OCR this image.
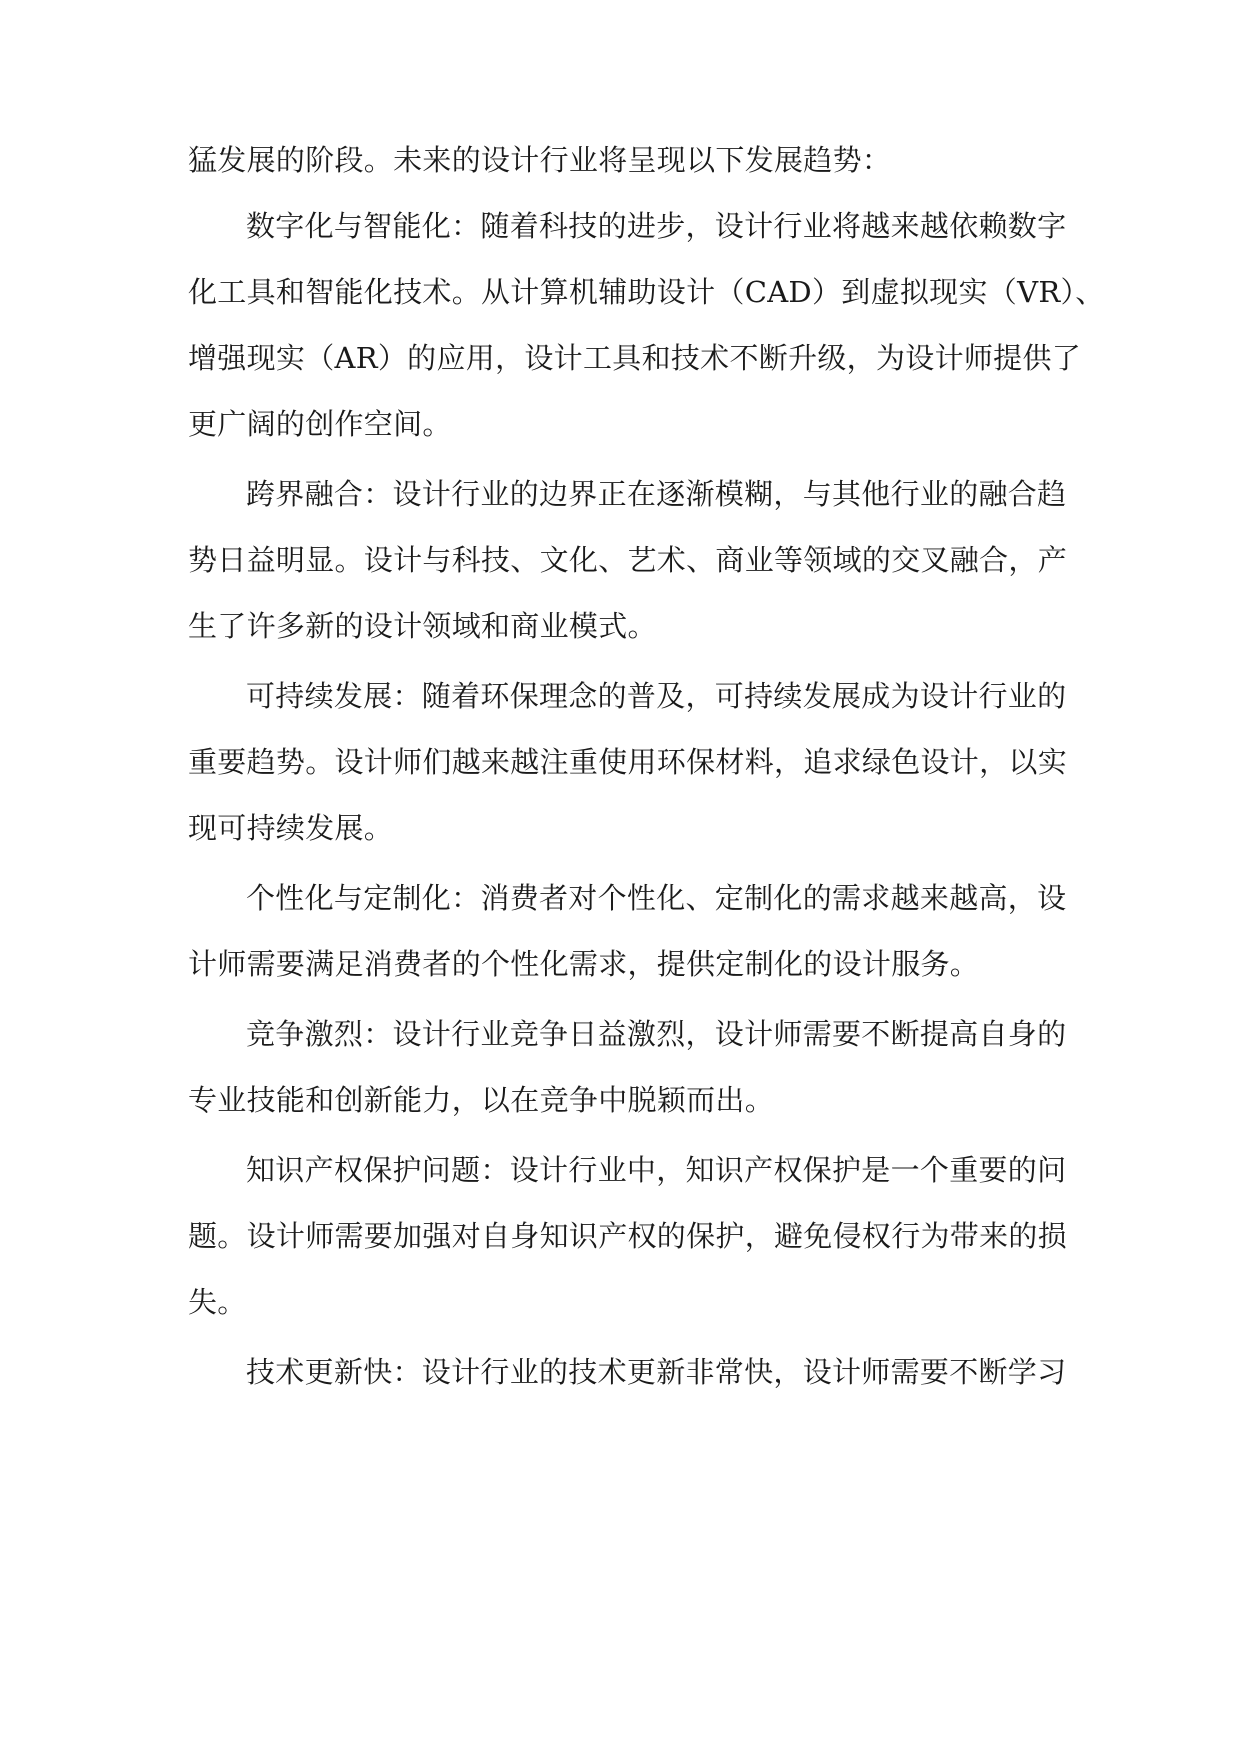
猛发展的阶段。未来的设计行业将呈现以下发展趋势：
数字化与智能化：随着科技的进步，设计行业将越来越依赖数字
化工具和智能化技术。从计算机辅助设计（CAD）到虚拟现实（VR）、
增强现实（AR）的应用，设计工具和技术不断升级，为设计师提供了
更广阔的创作空间。
跨界融合：设计行业的边界正在逐渐模糊，与其他行业的融合趋
势日益明显。设计与科技、文化、艺术、商业等领域的交叉融合，产
生了许多新的设计领域和商业模式。
可持续发展：随着环保理念的普及，可持续发展成为设计行业的
重要趋势。设计师们越来越注重使用环保材料，追求绿色设计，以实
现可持续发展。
个性化与定制化：消费者对个性化、定制化的需求越来越高，设
计师需要满足消费者的个性化需求，提供定制化的设计服务。
竞争激烈：设计行业竞争日益激烈，设计师需要不断提高自身的
专业技能和创新能力，以在竞争中脱颖而出。
知识产权保护问题：设计行业中，知识产权保护是一个重要的问
题。设计师需要加强对自身知识产权的保护，避免侵权行为带来的损
失。
技术更新快：设计行业的技术更新非常快，设计师需要不断学习
